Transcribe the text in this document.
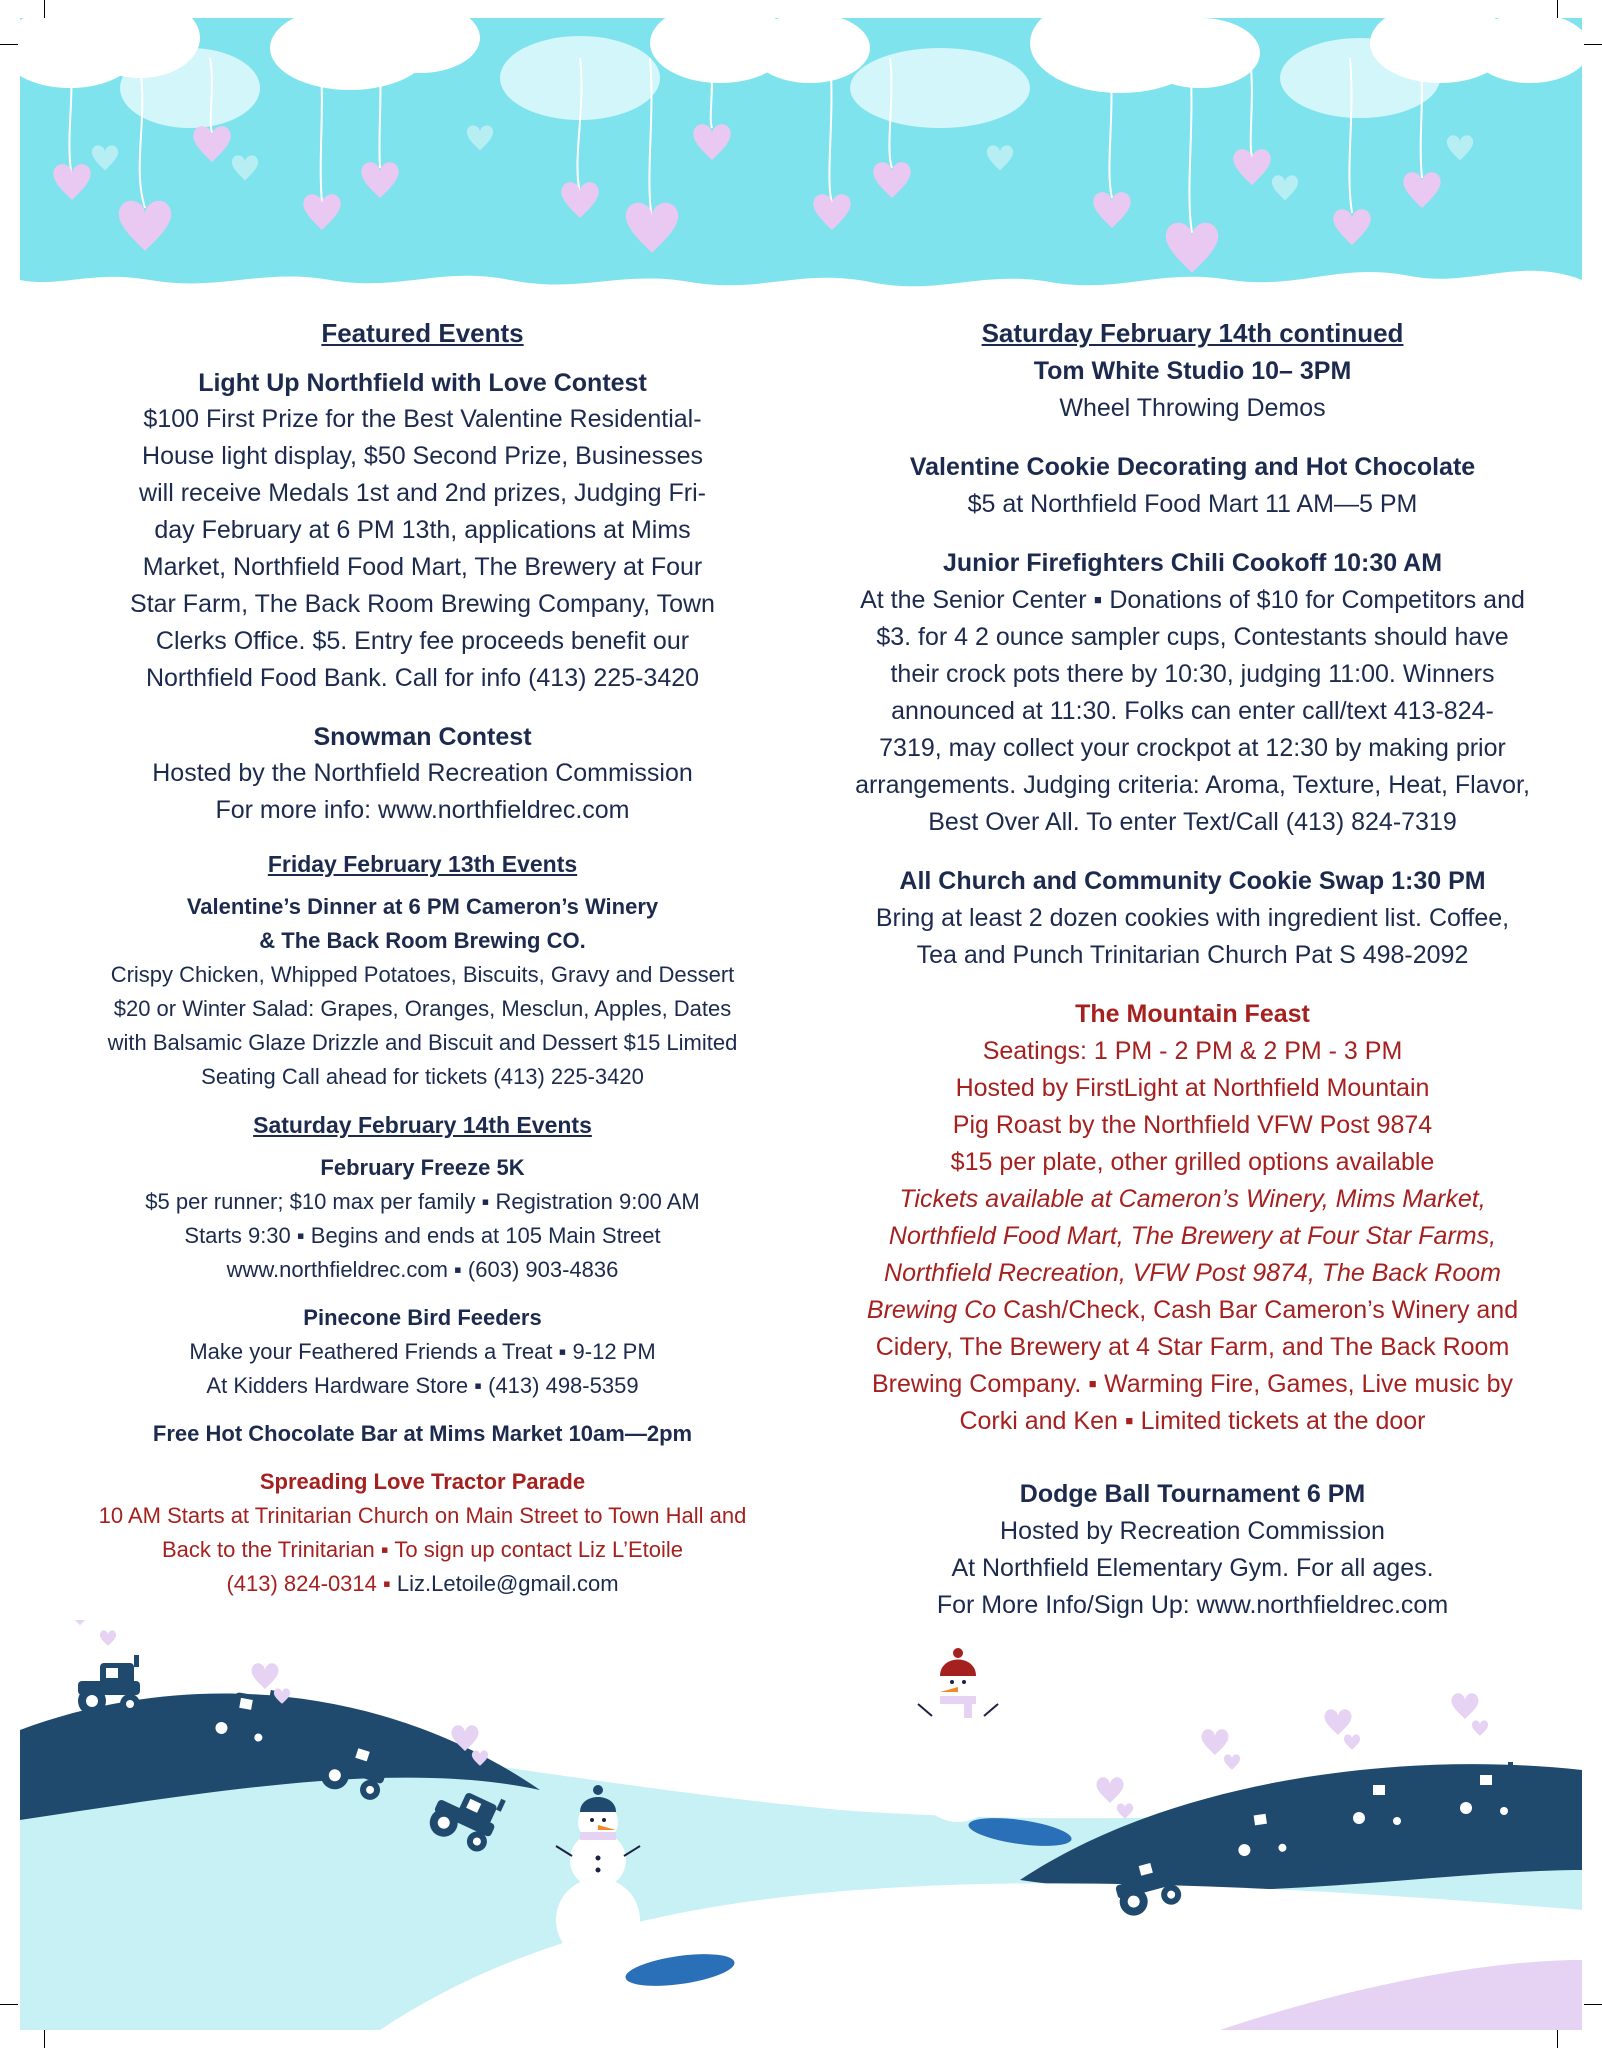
Featured Events
Light Up Northfield with Love Contest
$100 First Prize for the Best Valentine Residential-
House light display, $50 Second Prize, Businesses
will receive Medals 1st and 2nd prizes, Judging Fri-
day February at 6 PM 13th, applications at Mims
Market, Northfield Food Mart, The Brewery at Four
Star Farm, The Back Room Brewing Company, Town
Clerks Office. $5. Entry fee proceeds benefit our
Northfield Food Bank. Call for info (413) 225-3420
Snowman Contest
Hosted by the Northfield Recreation Commission
For more info: www.northfieldrec.com
Friday February 13th Events
Valentine’s Dinner at 6 PM Cameron’s Winery
& The Back Room Brewing CO.
Crispy Chicken, Whipped Potatoes, Biscuits, Gravy and Dessert
$20 or Winter Salad: Grapes, Oranges, Mesclun, Apples, Dates
with Balsamic Glaze Drizzle and Biscuit and Dessert $15 Limited
Seating Call ahead for tickets (413) 225-3420
Saturday February 14th Events
February Freeze 5K
$5 per runner; $10 max per family ▪ Registration 9:00 AM
Starts 9:30 ▪ Begins and ends at 105 Main Street
www.northfieldrec.com ▪ (603) 903-4836
Pinecone Bird Feeders
Make your Feathered Friends a Treat ▪ 9-12 PM
At Kidders Hardware Store ▪ (413) 498-5359
Free Hot Chocolate Bar at Mims Market 10am—2pm
Spreading Love Tractor Parade
10 AM Starts at Trinitarian Church on Main Street to Town Hall and
Back to the Trinitarian ▪ To sign up contact Liz L’Etoile
(413) 824-0314 ▪ Liz.Letoile@gmail.com
Saturday February 14th continued
Tom White Studio 10– 3PM
Wheel Throwing Demos
Valentine Cookie Decorating and Hot Chocolate
$5 at Northfield Food Mart 11 AM—5 PM
Junior Firefighters Chili Cookoff 10:30 AM
At the Senior Center ▪ Donations of $10 for Competitors and
$3. for 4 2 ounce sampler cups, Contestants should have
their crock pots there by 10:30, judging 11:00. Winners
announced at 11:30. Folks can enter call/text 413-824-
7319, may collect your crockpot at 12:30 by making prior
arrangements. Judging criteria: Aroma, Texture, Heat, Flavor,
Best Over All. To enter Text/Call (413) 824-7319
All Church and Community Cookie Swap 1:30 PM
Bring at least 2 dozen cookies with ingredient list. Coffee,
Tea and Punch Trinitarian Church Pat S 498-2092
The Mountain Feast
Seatings: 1 PM - 2 PM & 2 PM - 3 PM
Hosted by FirstLight at Northfield Mountain
Pig Roast by the Northfield VFW Post 9874
$15 per plate, other grilled options available
Tickets available at Cameron’s Winery, Mims Market,
Northfield Food Mart, The Brewery at Four Star Farms,
Northfield Recreation, VFW Post 9874, The Back Room
Brewing Co Cash/Check, Cash Bar Cameron’s Winery and
Cidery, The Brewery at 4 Star Farm, and The Back Room
Brewing Company. ▪ Warming Fire, Games, Live music by
Corki and Ken ▪ Limited tickets at the door
Dodge Ball Tournament 6 PM
Hosted by Recreation Commission
At Northfield Elementary Gym. For all ages.
For More Info/Sign Up: www.northfieldrec.com
